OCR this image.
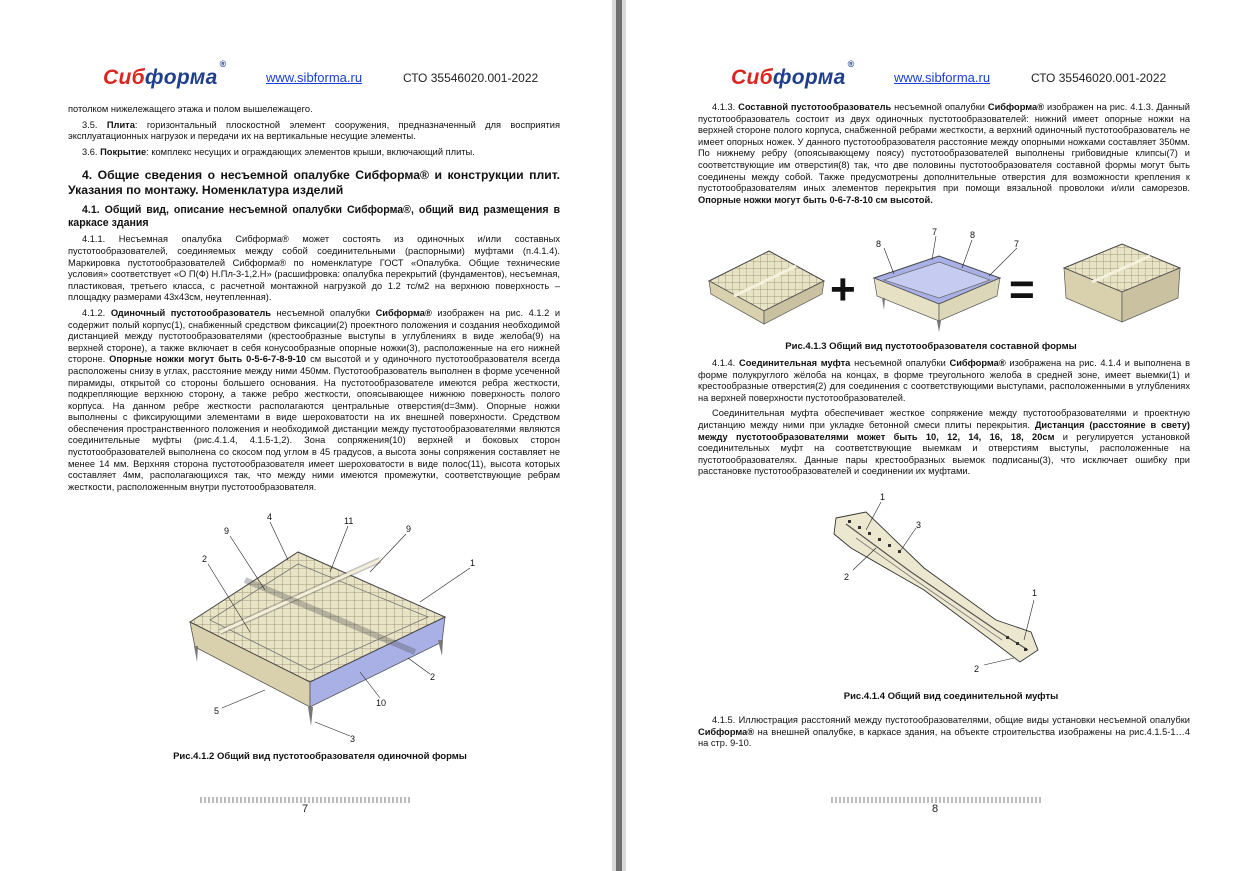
Сибформа®
www.sibforma.ru	СТО 35546020.001-2022

потолком нижележащего этажа и полом вышележащего.

3.5. Плита: горизонтальный плоскостной элемент сооружения, предназначенный для восприятия эксплуатационных нагрузок и передачи их на вертикальные несущие элементы.

3.6. Покрытие: комплекс несущих и ограждающих элементов крыши, включающий плиты.

4. Общие сведения о несъемной опалубке Сибформа® и конструкции плит. Указания по монтажу. Номенклатура изделий
4.1. Общий вид, описание несъемной опалубки Сибформа®, общий вид размещения в каркасе здания

4.1.1. Несъемная опалубка Сибформа® может состоять из одиночных и/или составных пустотообразователей, соединяемых между собой соединительными (распорными) муфтами (п.4.1.4). Маркировка пустотообразователей Сибформа® по номенклатуре ГОСТ «Опалубка. Общие технические условия» соответствует «О П(Ф) Н.Пл-3-1,2.Н» (расшифровка: опалубка перекрытий (фундаментов), несъемная, пластиковая, третьего класса, с расчетной монтажной нагрузкой до 1.2 тс/м2 на верхнюю поверхность – площадку размерами 43х43см, неутепленная).

4.1.2. Одиночный пустотообразователь несъемной опалубки Сибформа® изображен на рис. 4.1.2 и содержит полый корпус(1), снабженный средством фиксации(2) проектного положения и создания необходимой дистанцией между пустотообразователями (крестообразные выступы в углублениях в виде желоба(9) на верхней стороне), а также включает в себя конусообразные опорные ножки(3), расположенные на его нижней стороне. Опорные ножки могут быть 0-5-6-7-8-9-10 см высотой и у одиночного пустотообразователя всегда расположены снизу в углах, расстояние между ними 450мм. Пустотообразователь выполнен в форме усеченной пирамиды, открытой со стороны большего основания. На пустотообразователе имеются ребра жесткости, подкрепляющие верхнюю сторону, а также ребро жесткости, опоясывающее нижнюю поверхность полого корпуса. На данном ребре жесткости располагаются центральные отверстия(d=3мм). Опорные ножки выполнены с фиксирующими элементами в виде шероховатости на их внешней поверхности. Средством обеспечения пространственного положения и необходимой дистанции между пустотообразователями являются соединительные муфты (рис.4.1.4, 4.1.5-1,2). Зона сопряжения(10) верхней и боковых сторон пустотообразователей выполнена со скосом под углом в 45 градусов, а высота зоны сопряжения составляет не менее 14 мм. Верхняя сторона пустотообразователя имеет шероховатости в виде полос(11), высота которых составляет 4мм, располагающихся так, что между ними имеются промежутки, соответствующие ребрам жесткости, расположенным внутри пустотообразователя.

4	11
9	9
2	1
2
5
10
3
Рис.4.1.2 Общий вид пустотообразователя одиночной формы
7
Сибформа®
www.sibforma.ru	СТО 35546020.001-2022

4.1.3. Составной пустотообразователь несъемной опалубки Сибформа® изображен на рис. 4.1.3. Данный пустотообразователь состоит из двух одиночных пустотообразователей: нижний имеет опорные ножки на верхней стороне полого корпуса, снабженной ребрами жесткости, а верхний одиночный пустотообразователь не имеет опорных ножек. У данного пустотообразователя расстояние между опорными ножками составляет 350мм. По нижнему ребру (опоясывающему поясу) пустотообразователей выполнены грибовидные клипсы(7) и соответствующие им отверстия(8) так, что две половины пустотообразователя составной формы могут быть соединены между собой. Также предусмотрены дополнительные отверстия для возможности крепления к пустотообразователям иных элементов перекрытия при помощи вязальной проволоки и/или саморезов. Опорные ножки могут быть 0-6-7-8-10 см высотой.

+	=
8
7	8
7
Рис.4.1.3 Общий вид пустотообразователя составной формы

4.1.4. Соединительная муфта несъемной опалубки Сибформа® изображена на рис. 4.1.4 и выполнена в форме полукруглого жёлоба на концах, в форме треугольного желоба в средней зоне, имеет выемки(1) и крестообразные отверстия(2) для соединения с соответствующими выступами, расположенными в углублениях на верхней поверхности пустотообразователей.

Соединительная муфта обеспечивает жесткое сопряжение между пустотообразователями и проектную дистанцию между ними при укладке бетонной смеси плиты перекрытия. Дистанция (расстояние в свету) между пустотообразователями может быть 10, 12, 14, 16, 18, 20см и регулируется установкой соединительных муфт на соответствующие выемкам и отверстиям выступы, расположенные на пустотообразователях. Данные пары крестообразных выемок подписаны(3), что исключает ошибку при расстановке пустотообразователей и соединении их муфтами.

1
3
2
1
2
Рис.4.1.4 Общий вид соединительной муфты

4.1.5. Иллюстрация расстояний между пустотообразователями, общие виды установки несъемной опалубки Сибформа® на внешней опалубке, в каркасе здания, на объекте строительства изображены на рис.4.1.5-1…4 на стр. 9-10.

8
